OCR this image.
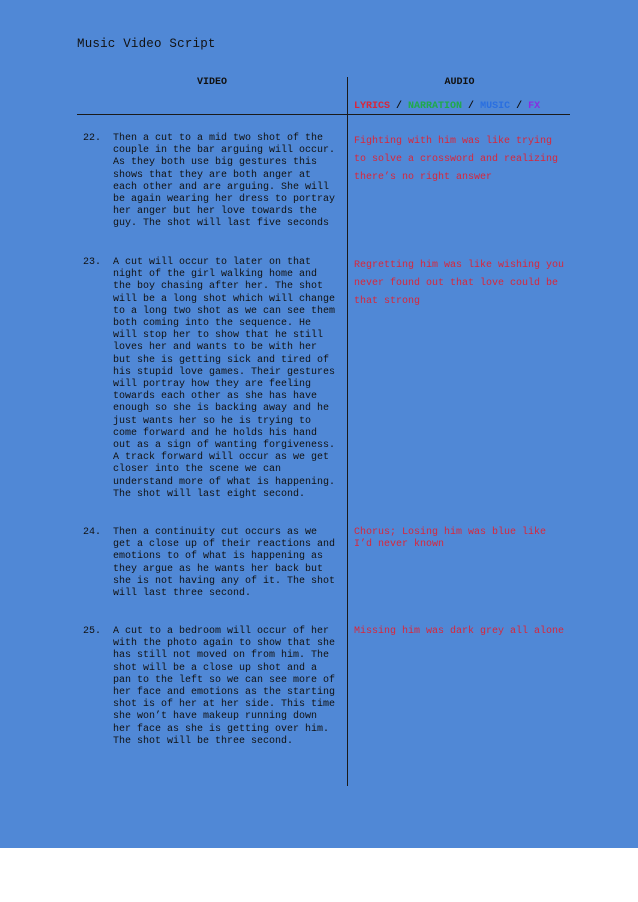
Music Video Script
VIDEO	AUDIO
LYRICS / NARRATION / MUSIC / FX
22. Then a cut to a mid two shot of the couple in the bar arguing will occur. As they both use big gestures this shows that they are both anger at each other and are arguing. She will be again wearing her dress to portray her anger but her love towards the guy. The shot will last five seconds
Fighting with him was like trying to solve a crossword and realizing there’s no right answer
23. A cut will occur to later on that night of the girl walking home and the boy chasing after her. The shot will be a long shot which will change to a long two shot as we can see them both coming into the sequence. He will stop her to show that he still loves her and wants to be with her but she is getting sick and tired of his stupid love games. Their gestures will portray how they are feeling towards each other as she has have enough so she is backing away and he just wants her so he is trying to come forward and he holds his hand out as a sign of wanting forgiveness. A track forward will occur as we get closer into the scene we can understand more of what is happening. The shot will last eight second.
Regretting him was like wishing you never found out that love could be that strong
24. Then a continuity cut occurs as we get a close up of their reactions and emotions to of what is happening as they argue as he wants her back but she is not having any of it. The shot will last three second.
Chorus; Losing him was blue like I’d never known
25. A cut to a bedroom will occur of her with the photo again to show that she has still not moved on from him. The shot will be a close up shot and a pan to the left so we can see more of her face and emotions as the starting shot is of her at her side. This time she won’t have makeup running down her face as she is getting over him. The shot will be three second.
Missing him was dark grey all alone
